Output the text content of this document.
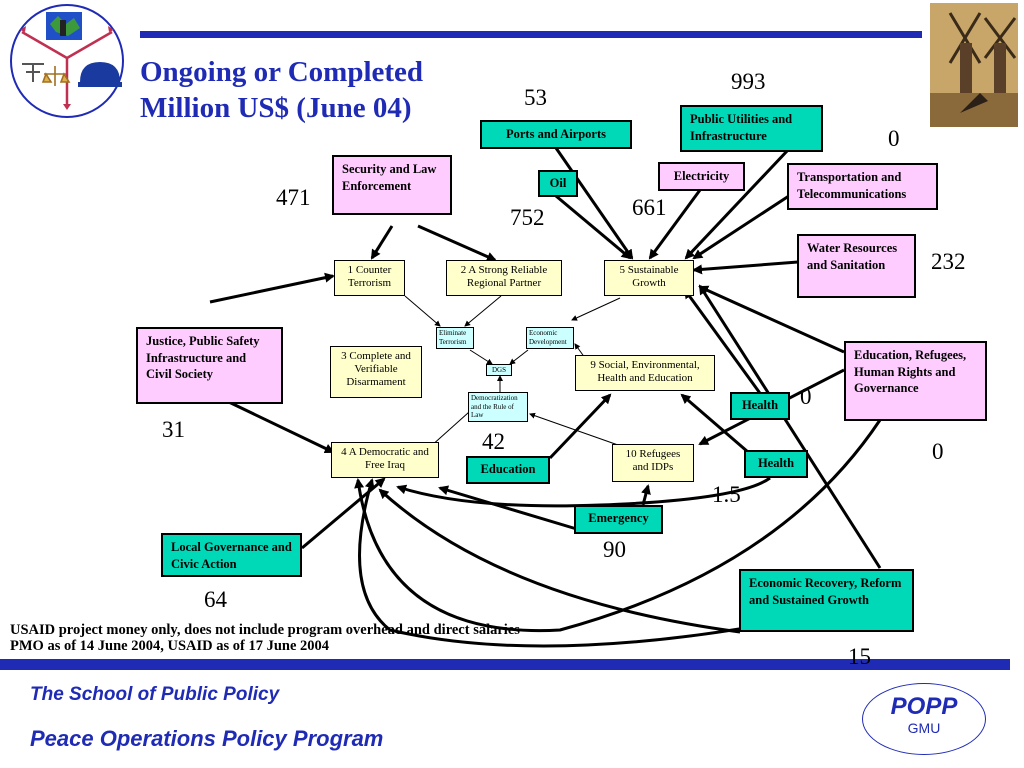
Ongoing or Completed
Million US$ (June 04)
1 Counter Terrorism
2 A Strong Reliable Regional Partner
5 Sustainable Growth
3 Complete and Verifiable Disarmament
9 Social, Environmental, Health and Education
4 A Democratic and Free Iraq
10 Refugees and IDPs
Eliminate Terrorism
Economic Development
DGS
Democratization and the Rule of Law
Security and Law Enforcement
471
Justice, Public Safety Infrastructure and Civil Society
31
Local Governance and Civic Action
64
Ports and Airports
53
Oil
752
Electricity
661
Public Utilities and Infrastructure
993
Transportation and Telecommunications
0
Water Resources and Sanitation	232
Education, Refugees, Human Rights and Governance
0
Health 0
Health
1.5
Education
42
Emergency
90
Economic Recovery, Reform and Sustained Growth
15
USAID project money only, does not include program overhead and direct salaries
PMO as of 14 June 2004, USAID as of 17 June 2004
The School of Public Policy
Peace Operations Policy Program
POPP
GMU
